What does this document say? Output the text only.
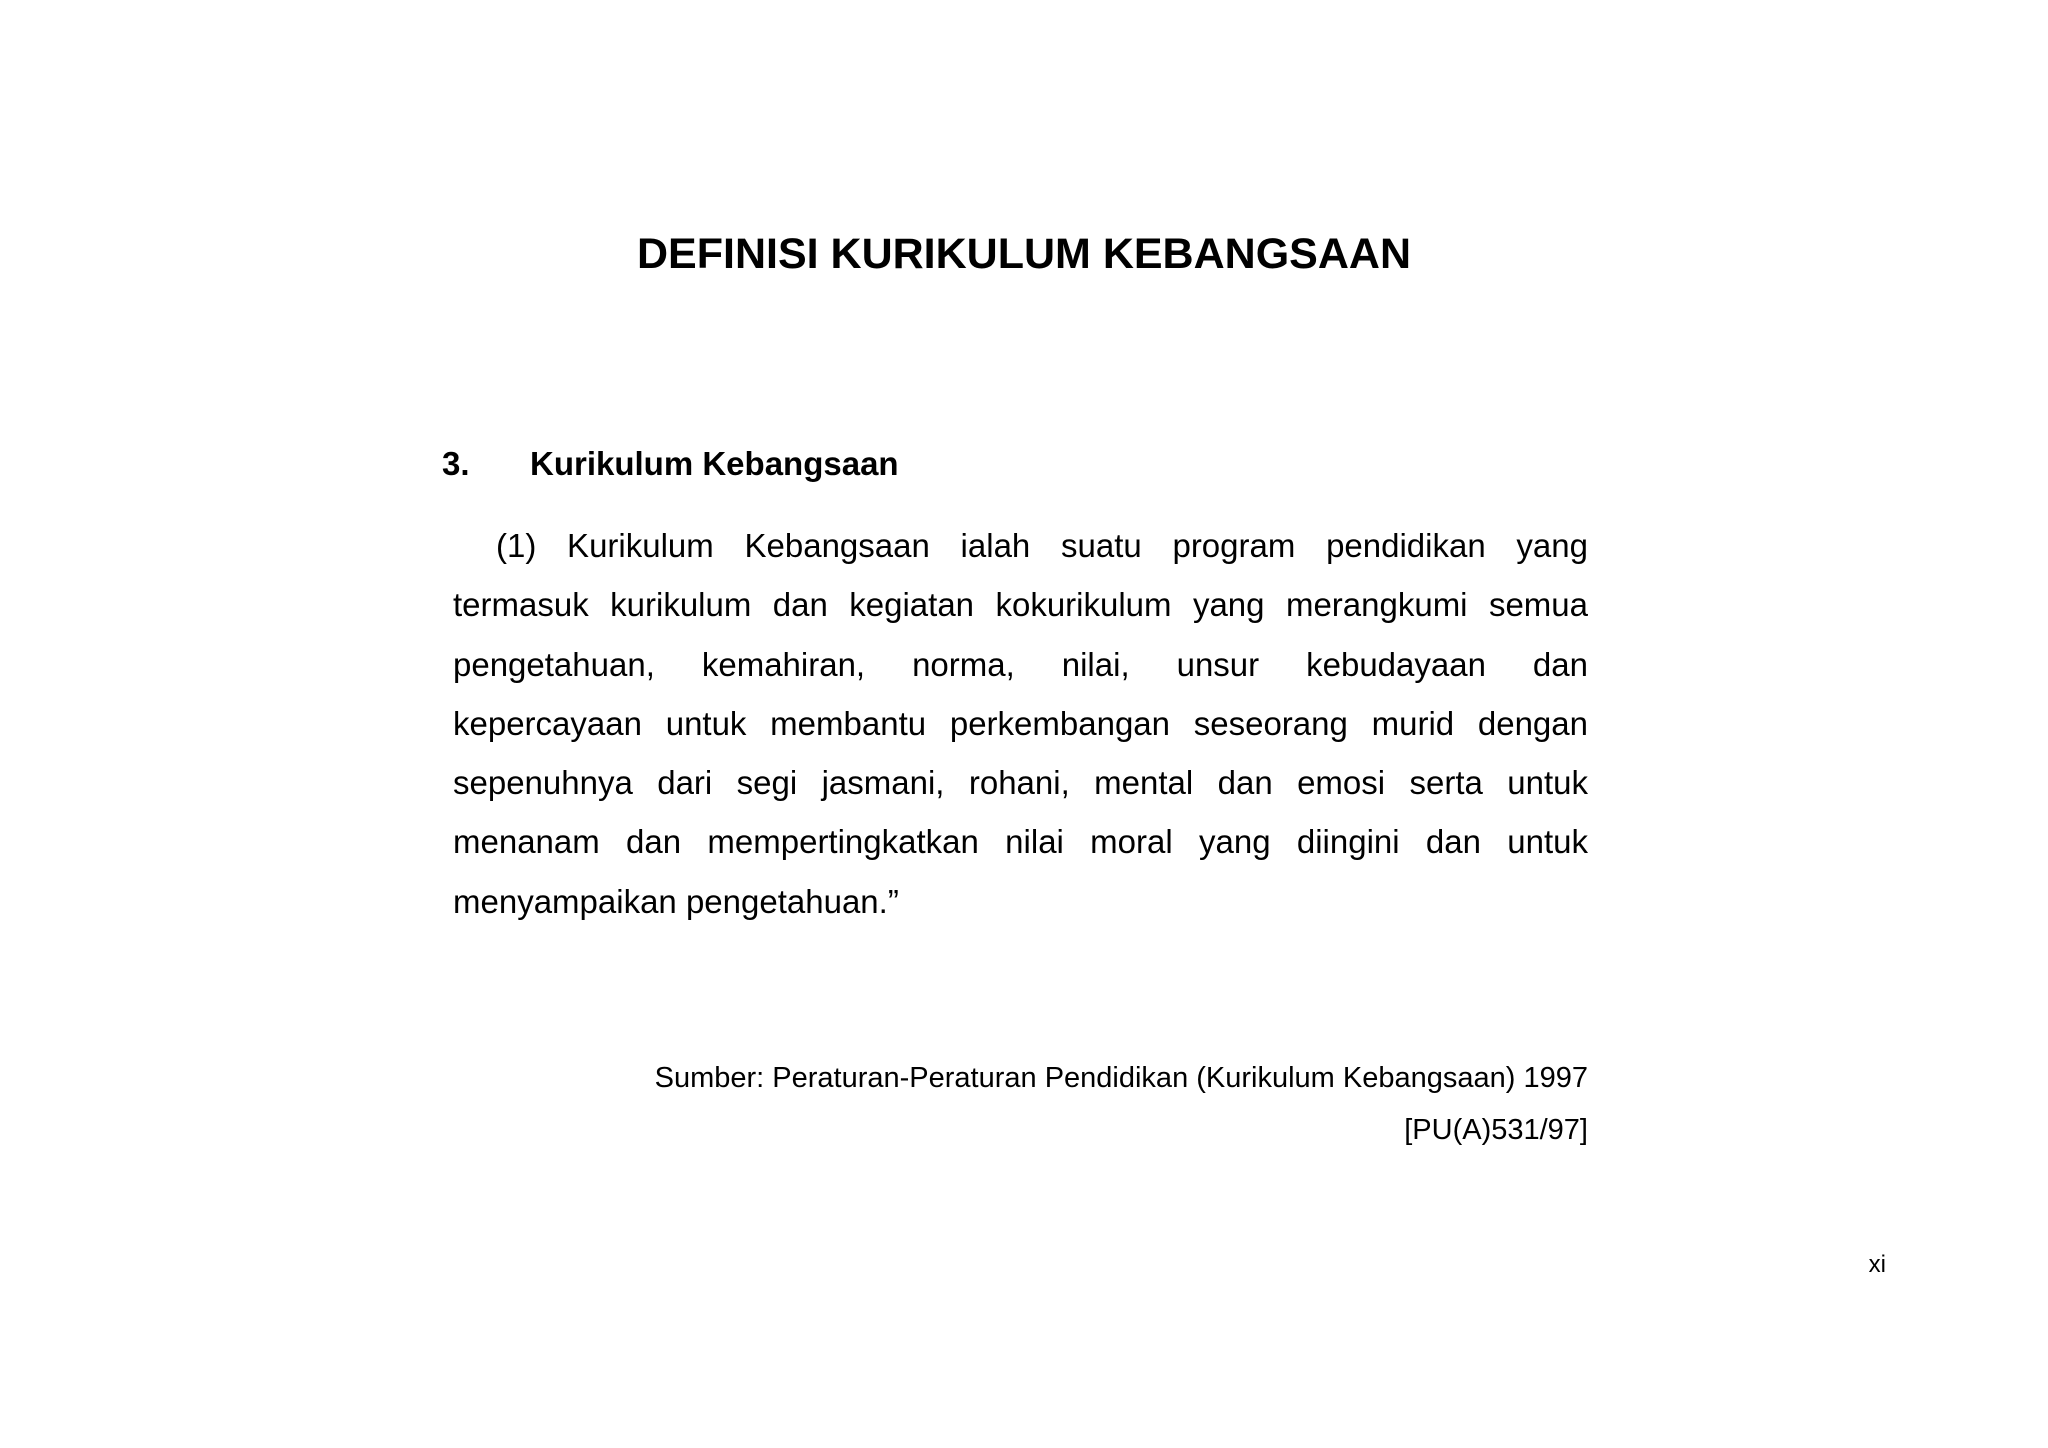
DEFINISI KURIKULUM KEBANGSAAN
3. Kurikulum Kebangsaan
(1) Kurikulum Kebangsaan ialah suatu program pendidikan yang
termasuk kurikulum dan kegiatan kokurikulum yang merangkumi semua
pengetahuan, kemahiran, norma, nilai, unsur kebudayaan dan
kepercayaan untuk membantu perkembangan seseorang murid dengan
sepenuhnya dari segi jasmani, rohani, mental dan emosi serta untuk
menanam dan mempertingkatkan nilai moral yang diingini dan untuk
menyampaikan pengetahuan.”
Sumber: Peraturan-Peraturan Pendidikan (Kurikulum Kebangsaan) 1997
[PU(A)531/97]
xi
